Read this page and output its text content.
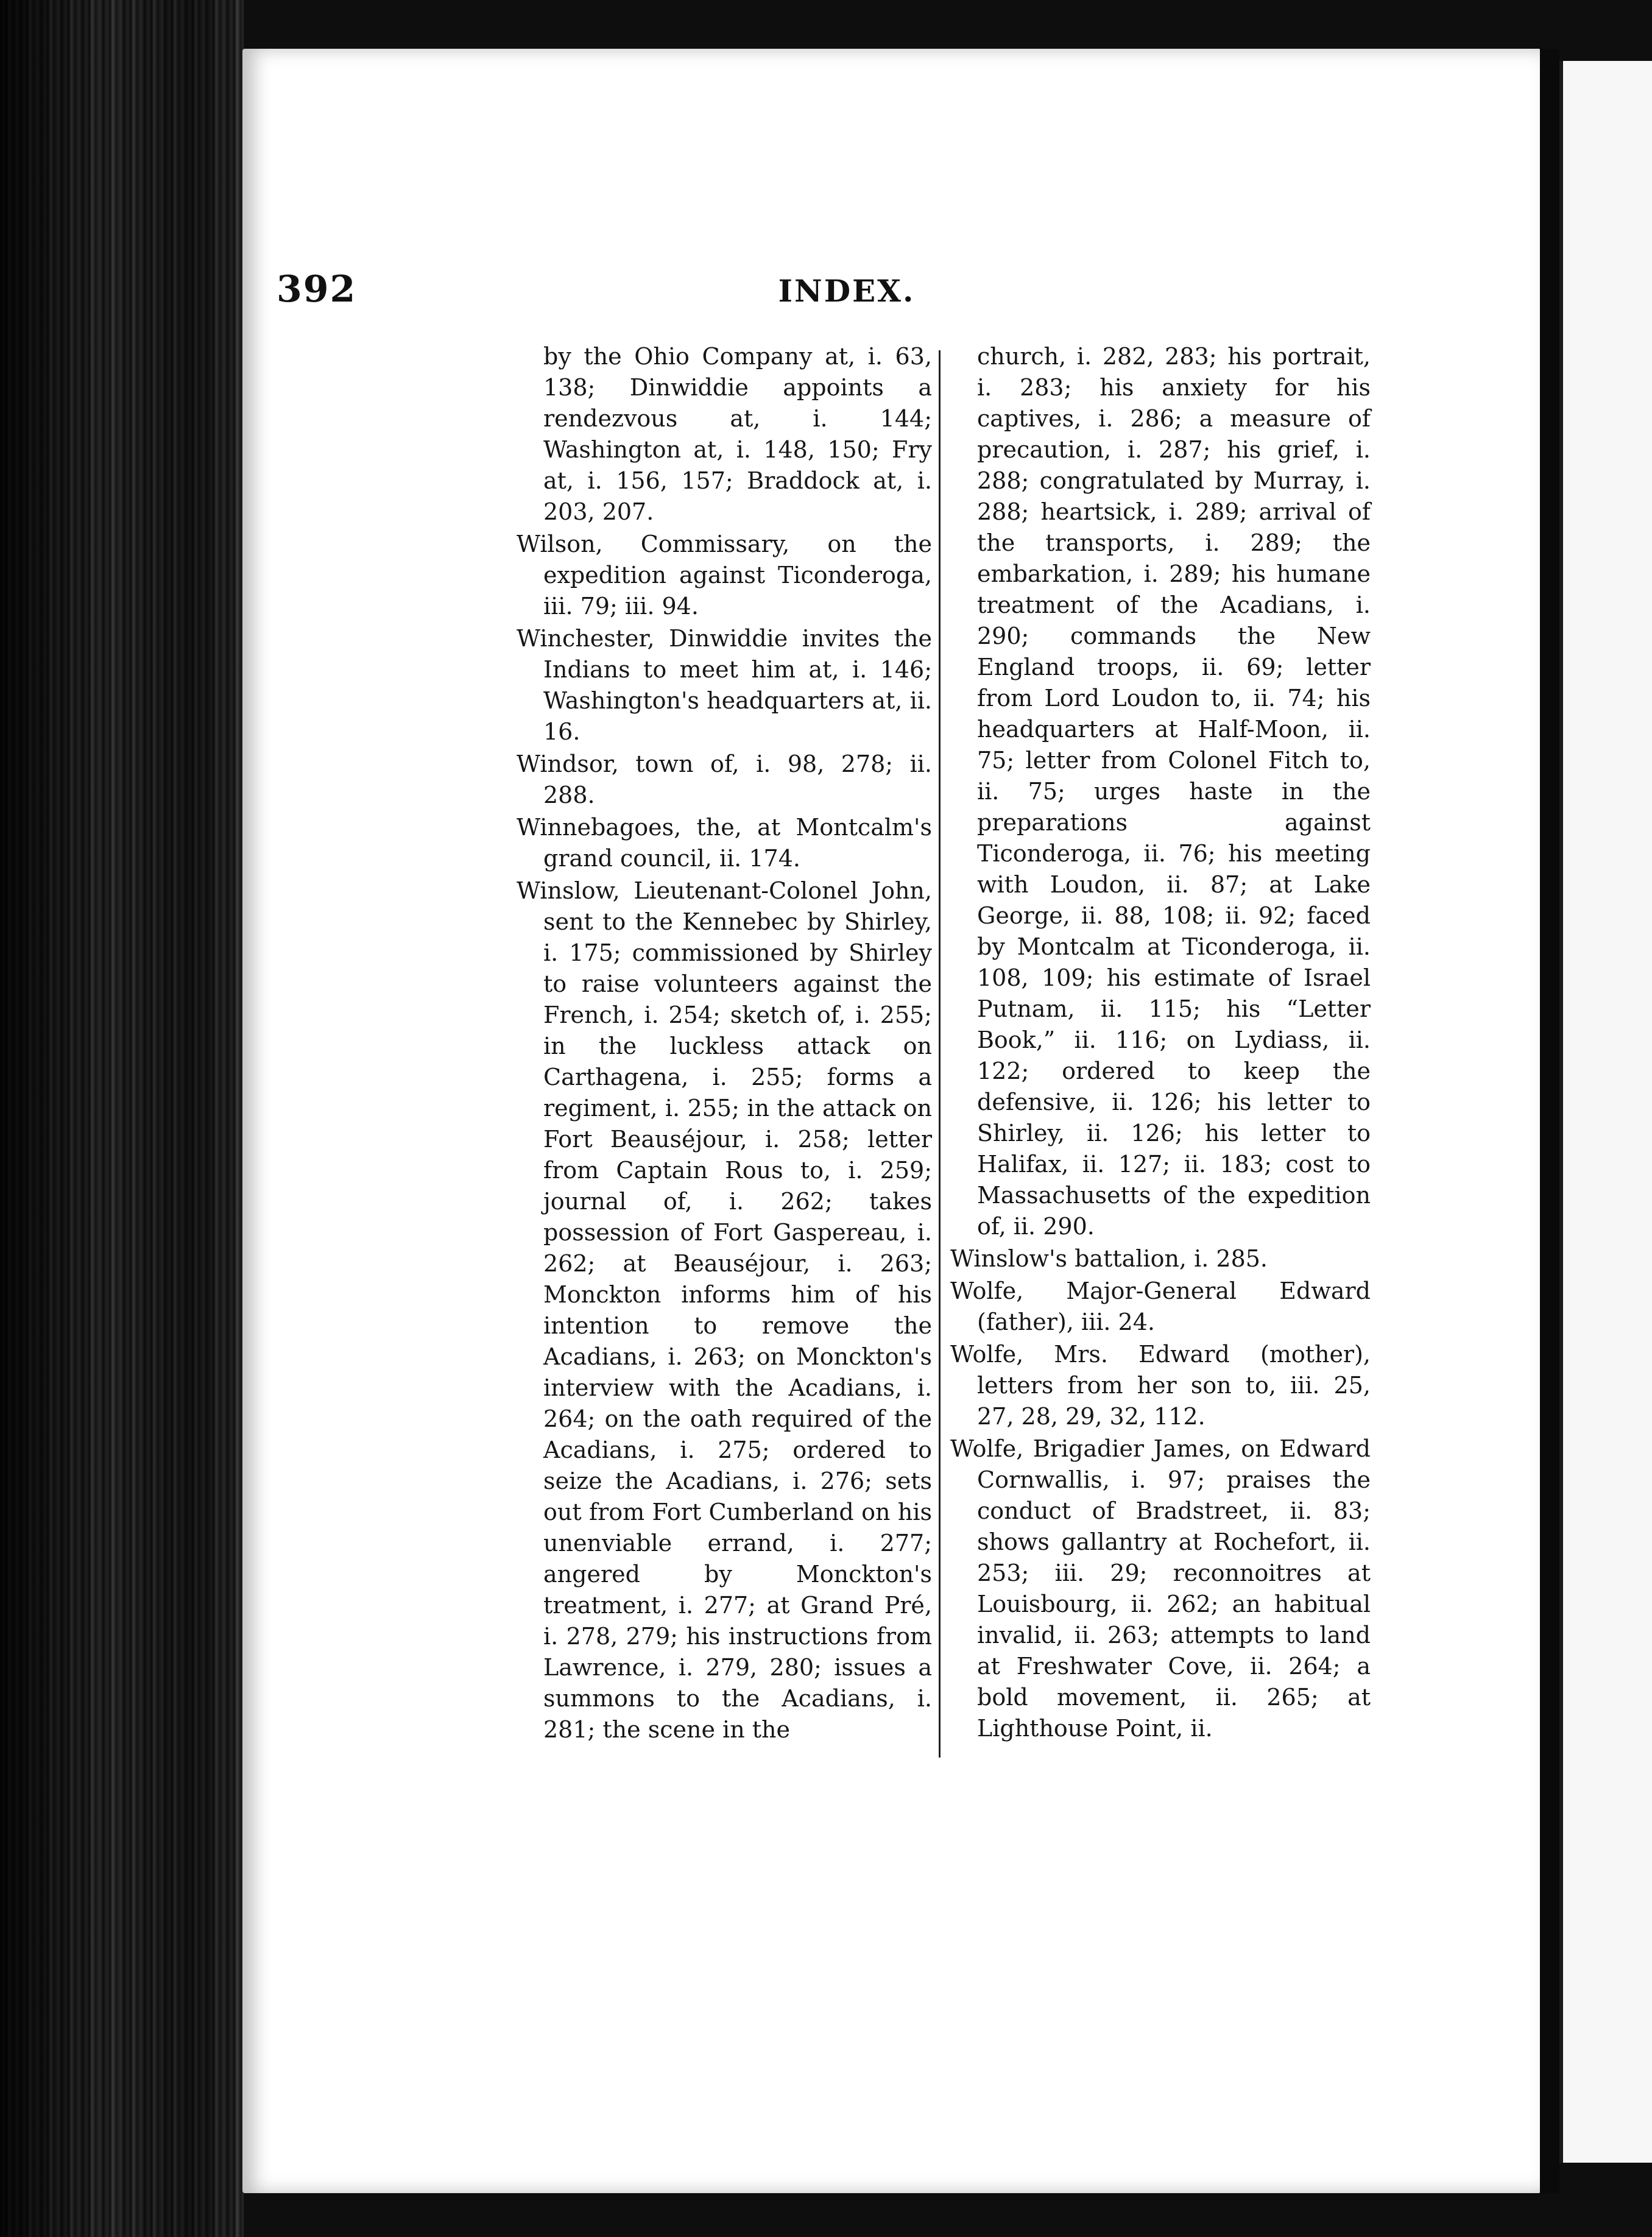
392	INDEX.

by the Ohio Company at, i. 63, 138; Dinwiddie appoints a rendezvous at, i. 144; Washington at, i. 148, 150; Fry at, i. 156, 157; Braddock at, i. 203, 207.

Wilson, Commissary, on the expedition against Ticonderoga, iii. 79; iii. 94.

Winchester, Dinwiddie invites the Indians to meet him at, i. 146; Washington's headquarters at, ii. 16.

Windsor, town of, i. 98, 278; ii. 288.

Winnebagoes, the, at Montcalm's grand council, ii. 174.

Winslow, Lieutenant-Colonel John, sent to the Kennebec by Shirley, i. 175; commissioned by Shirley to raise volunteers against the French, i. 254; sketch of, i. 255; in the luckless attack on Carthagena, i. 255; forms a regiment, i. 255; in the attack on Fort Beauséjour, i. 258; letter from Captain Rous to, i. 259; journal of, i. 262; takes possession of Fort Gaspereau, i. 262; at Beauséjour, i. 263; Monckton informs him of his intention to remove the Acadians, i. 263; on Monckton's interview with the Acadians, i. 264; on the oath required of the Acadians, i. 275; ordered to seize the Acadians, i. 276; sets out from Fort Cumberland on his unenviable errand, i. 277; angered by Monckton's treatment, i. 277; at Grand Pré, i. 278, 279; his instructions from Lawrence, i. 279, 280; issues a summons to the Acadians, i. 281; the scene in the

church, i. 282, 283; his portrait, i. 283; his anxiety for his captives, i. 286; a measure of precaution, i. 287; his grief, i. 288; congratulated by Murray, i. 288; heartsick, i. 289; arrival of the transports, i. 289; the embarkation, i. 289; his humane treatment of the Acadians, i. 290; commands the New England troops, ii. 69; letter from Lord Loudon to, ii. 74; his headquarters at Half-Moon, ii. 75; letter from Colonel Fitch to, ii. 75; urges haste in the preparations against Ticonderoga, ii. 76; his meeting with Loudon, ii. 87; at Lake George, ii. 88, 108; ii. 92; faced by Montcalm at Ticonderoga, ii. 108, 109; his estimate of Israel Putnam, ii. 115; his “Letter Book,” ii. 116; on Lydiass, ii. 122; ordered to keep the defensive, ii. 126; his letter to Shirley, ii. 126; his letter to Halifax, ii. 127; ii. 183; cost to Massachusetts of the expedition of, ii. 290.

Winslow's battalion, i. 285.

Wolfe, Major-General Edward (father), iii. 24.

Wolfe, Mrs. Edward (mother), letters from her son to, iii. 25, 27, 28, 29, 32, 112.

Wolfe, Brigadier James, on Edward Cornwallis, i. 97; praises the conduct of Bradstreet, ii. 83; shows gallantry at Rochefort, ii. 253; iii. 29; reconnoitres at Louisbourg, ii. 262; an habitual invalid, ii. 263; attempts to land at Freshwater Cove, ii. 264; a bold movement, ii. 265; at Lighthouse Point, ii.
